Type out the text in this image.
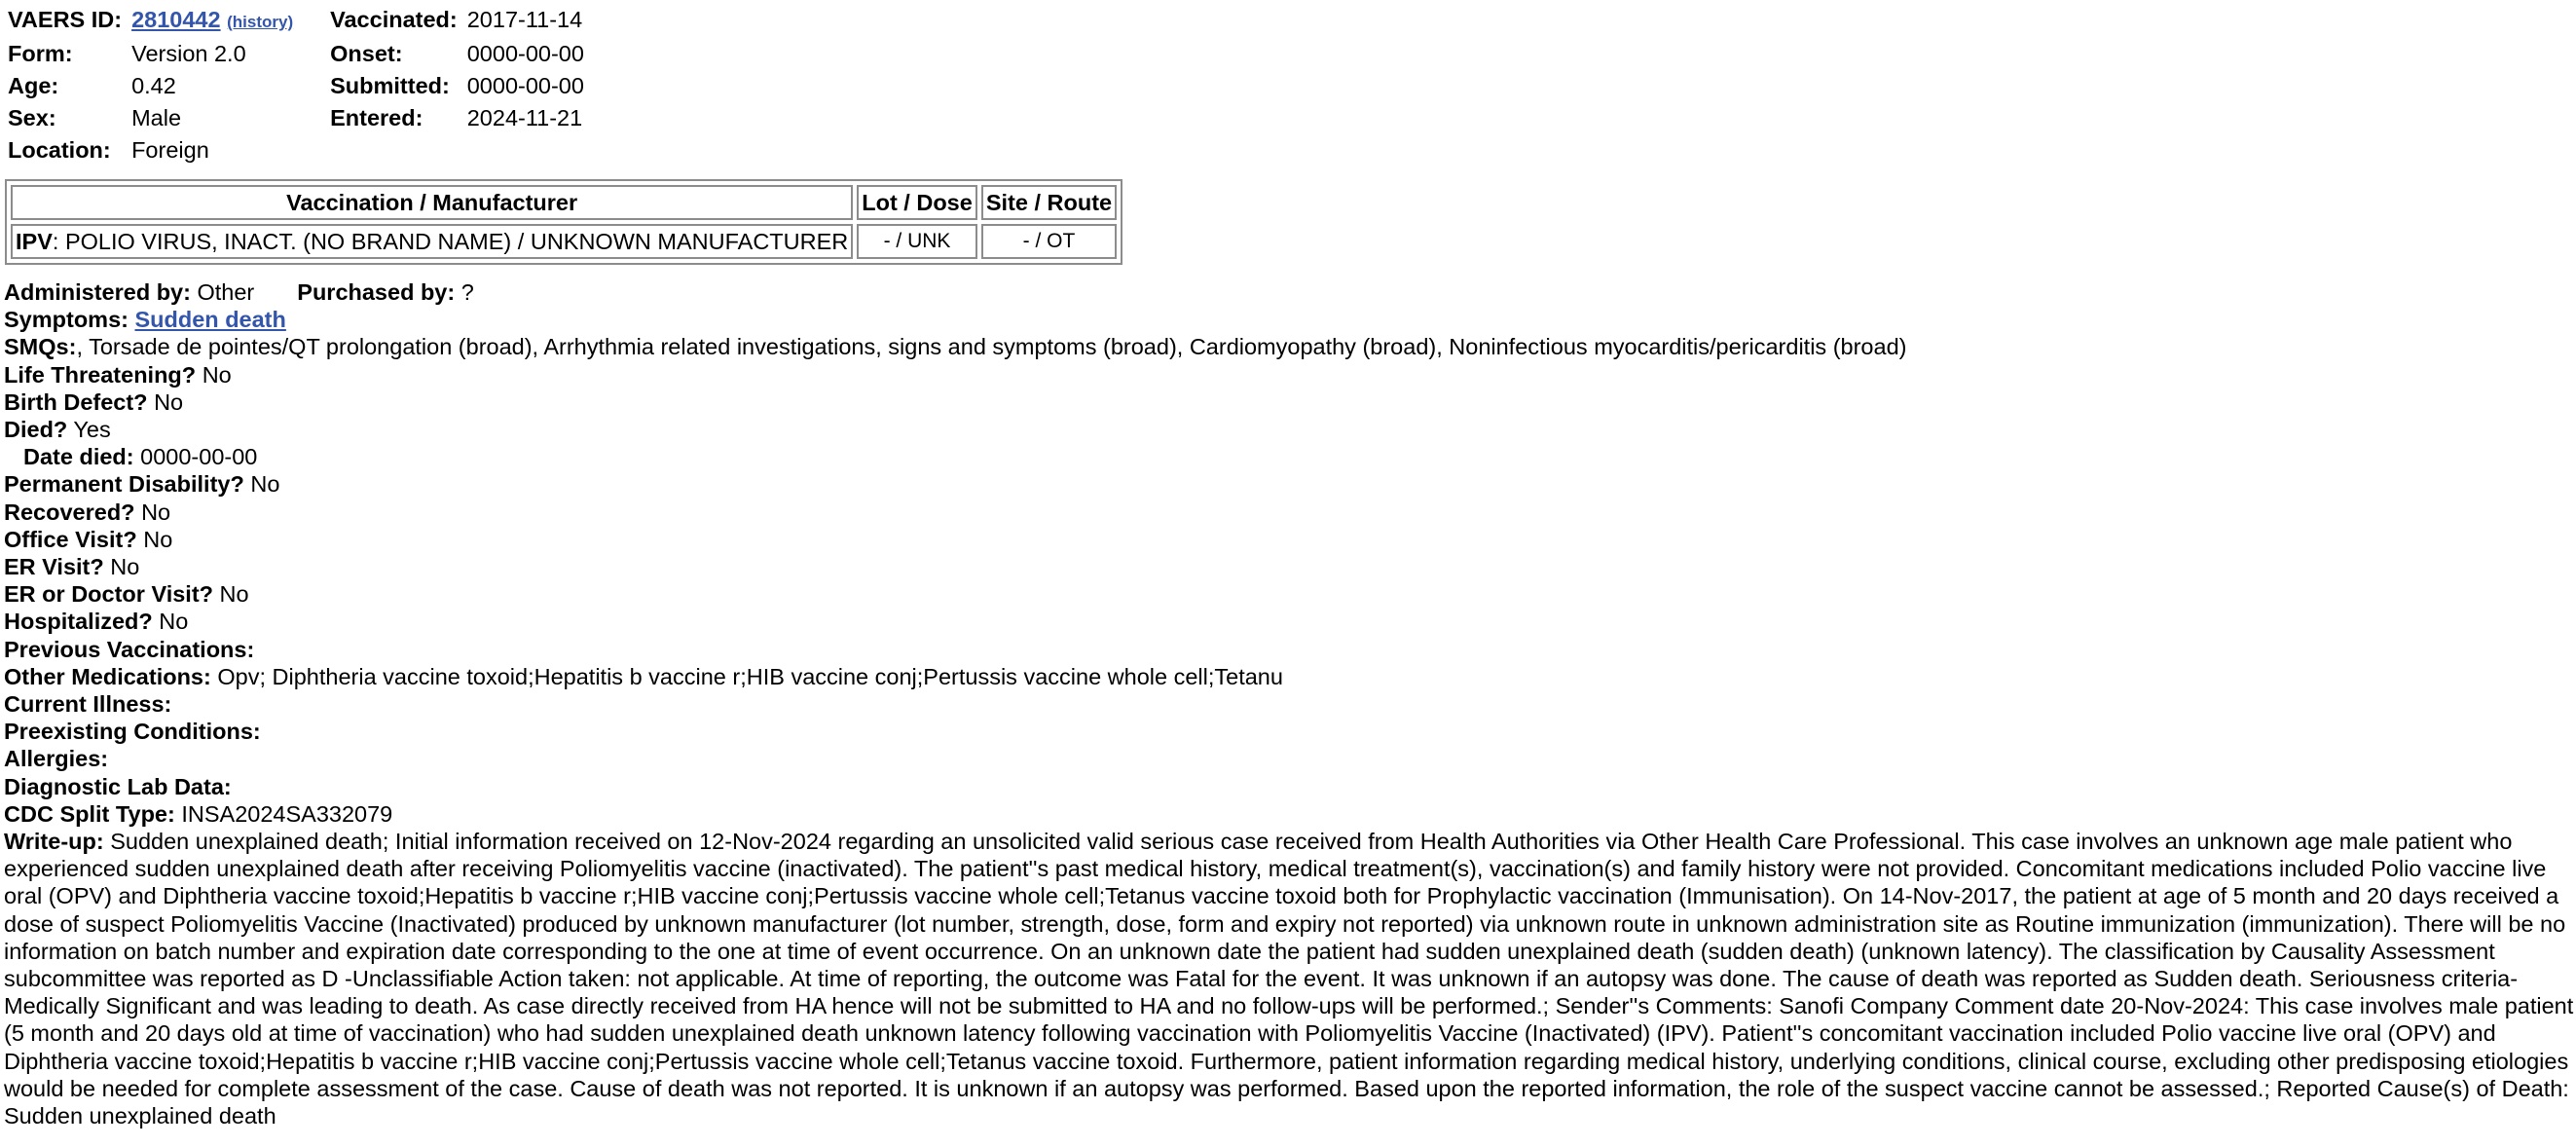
VAERS ID:	2810442 (history)		Vaccinated:	2017-11-14
Form:	Version 2.0		Onset:	0000-00-00
Age:	0.42		Submitted:	0000-00-00
Sex:	Male		Entered:	2024-11-21
Location:	Foreign			
Vaccination / Manufacturer	Lot / Dose	Site / Route
IPV: POLIO VIRUS, INACT. (NO BRAND NAME) / UNKNOWN MANUFACTURER	- / UNK	- / OT
Administered by: Other Purchased by: ?
Symptoms: Sudden death
SMQs:, Torsade de pointes/QT prolongation (broad), Arrhythmia related investigations, signs and symptoms (broad), Cardiomyopathy (broad), Noninfectious myocarditis/pericarditis (broad)
Life Threatening? No
Birth Defect? No
Died? Yes
Date died: 0000-00-00
Permanent Disability? No
Recovered? No
Office Visit? No
ER Visit? No
ER or Doctor Visit? No
Hospitalized? No
Previous Vaccinations:
Other Medications: Opv; Diphtheria vaccine toxoid;Hepatitis b vaccine r;HIB vaccine conj;Pertussis vaccine whole cell;Tetanu
Current Illness:
Preexisting Conditions:
Allergies:
Diagnostic Lab Data:
CDC Split Type: INSA2024SA332079
Write-up: Sudden unexplained death; Initial information received on 12-Nov-2024 regarding an unsolicited valid serious case received from Health Authorities via Other Health Care Professional. This case involves an unknown age male patient who experienced sudden unexplained death after receiving Poliomyelitis vaccine (inactivated). The patient''s past medical history, medical treatment(s), vaccination(s) and family history were not provided. Concomitant medications included Polio vaccine live oral (OPV) and Diphtheria vaccine toxoid;Hepatitis b vaccine r;HIB vaccine conj;Pertussis vaccine whole cell;Tetanus vaccine toxoid both for Prophylactic vaccination (Immunisation). On 14-Nov-2017, the patient at age of 5 month and 20 days received a dose of suspect Poliomyelitis Vaccine (Inactivated) produced by unknown manufacturer (lot number, strength, dose, form and expiry not reported) via unknown route in unknown administration site as Routine immunization (immunization). There will be no information on batch number and expiration date corresponding to the one at time of event occurrence. On an unknown date the patient had sudden unexplained death (sudden death) (unknown latency). The classification by Causality Assessment subcommittee was reported as D -Unclassifiable Action taken: not applicable. At time of reporting, the outcome was Fatal for the event. It was unknown if an autopsy was done. The cause of death was reported as Sudden death. Seriousness criteria-Medically Significant and was leading to death. As case directly received from HA hence will not be submitted to HA and no follow-ups will be performed.; Sender''s Comments: Sanofi Company Comment date 20-Nov-2024: This case involves male patient (5 month and 20 days old at time of vaccination) who had sudden unexplained death unknown latency following vaccination with Poliomyelitis Vaccine (Inactivated) (IPV). Patient''s concomitant vaccination included Polio vaccine live oral (OPV) and Diphtheria vaccine toxoid;Hepatitis b vaccine r;HIB vaccine conj;Pertussis vaccine whole cell;Tetanus vaccine toxoid. Furthermore, patient information regarding medical history, underlying conditions, clinical course, excluding other predisposing etiologies would be needed for complete assessment of the case. Cause of death was not reported. It is unknown if an autopsy was performed. Based upon the reported information, the role of the suspect vaccine cannot be assessed.; Reported Cause(s) of Death: Sudden unexplained death
